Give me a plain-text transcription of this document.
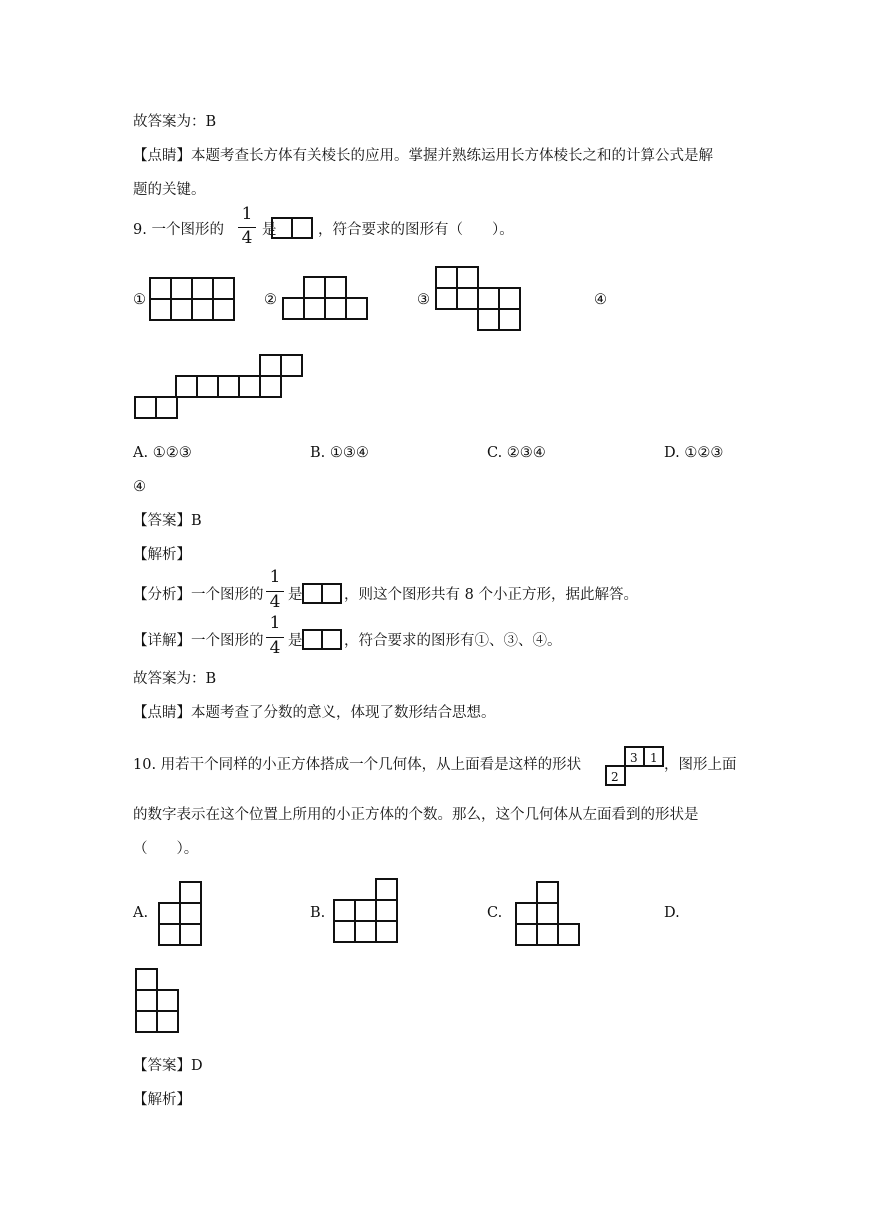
故答案为：B
【点睛】本题考查长方体有关棱长的应用。掌握并熟练运用长方体棱长之和的计算公式是解
题的关键。
9. 一个图形的
1
4 是	，符合要求的图形有（　　）。
①	②	③	④
A. ①②③	B. ①③④	C. ②③④	D. ①②③
④
【答案】B
【解析】
【分析】一个图形的
1
4 是	，则这个图形共有 8 个小正方形，据此解答。
【详解】一个图形的
1
4 是	，符合要求的图形有①、③、④。
故答案为：B
【点睛】本题考查了分数的意义，体现了数形结合思想。
10. 用若干个同样的小正方体搭成一个几何体，从上面看是这样的形状	3 1
2
，图形上面
的数字表示在这个位置上所用的小正方体的个数。那么，这个几何体从左面看到的形状是
（　　）。
A.	B.	C.	D.
【答案】D
【解析】
